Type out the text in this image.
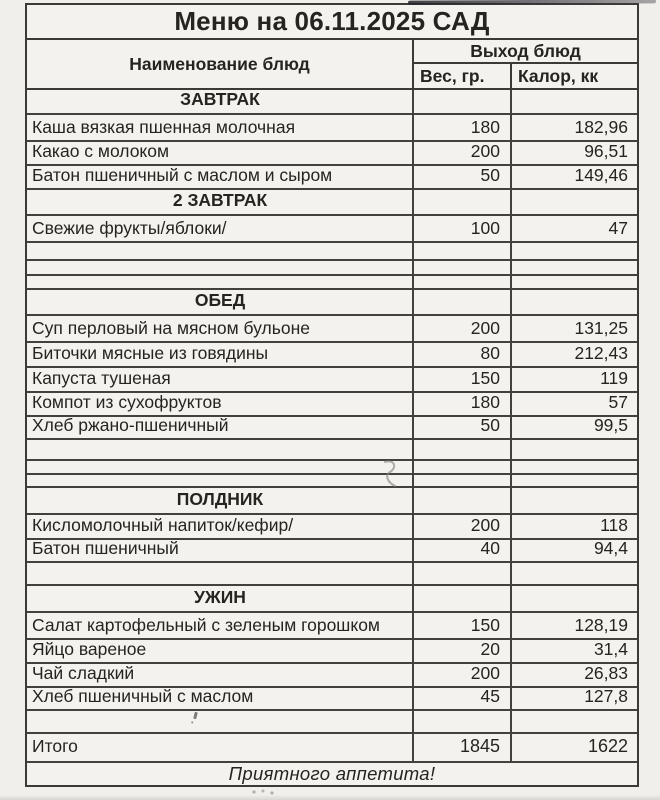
Меню на 06.11.2025 САД
Наименование блюд
Выход блюд
Вес, гр.	Калор, кк
ЗАВТРАК
Каша вязкая пшенная молочная	180	182,96
Какао с молоком	200	96,51
Батон пшеничный с маслом и сыром	50	149,46
2 ЗАВТРАК
Свежие фрукты/яблоки/	100	47
ОБЕД
Суп перловый на мясном бульоне	200	131,25
Биточки мясные из говядины	80	212,43
Капуста тушеная	150	119
Компот из сухофруктов	180	57
Хлеб ржано-пшеничный	50	99,5
ПОЛДНИК
Кисломолочный напиток/кефир/	200	118
Батон пшеничный	40	94,4
УЖИН
Салат картофельный с зеленым горошком	150	128,19
Яйцо вареное	20	31,4
Чай сладкий	200	26,83
Хлеб пшеничный с маслом	45	127,8
Итого	1845	1622
Приятного аппетита!
